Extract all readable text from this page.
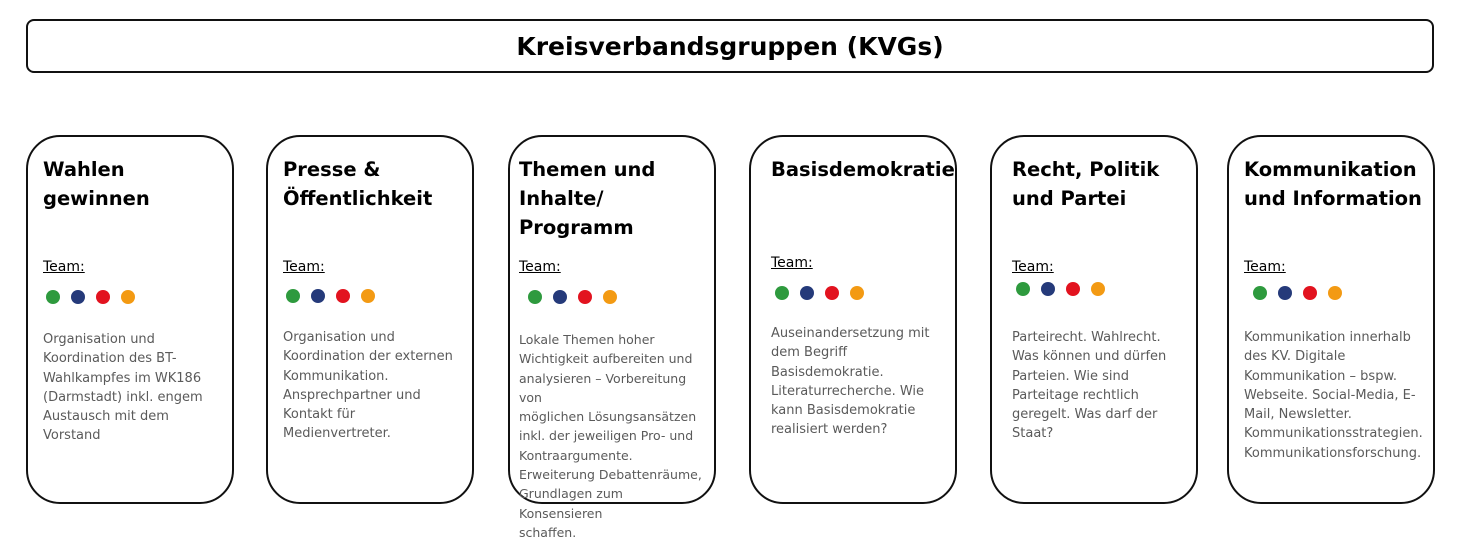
Kreisverbandsgruppen (KVGs)
Wahlen
gewinnen
Team:
Organisation und
Koordination des BT-
Wahlkampfes im WK186
(Darmstadt) inkl. engem
Austausch mit dem
Vorstand
Presse &
Öffentlichkeit
Team:
Organisation und
Koordination der externen
Kommunikation.
Ansprechpartner und
Kontakt für
Medienvertreter.
Themen und
Inhalte/ Programm
Team:
Lokale Themen hoher
Wichtigkeit aufbereiten und
analysieren – Vorbereitung von
möglichen Lösungsansätzen
inkl. der jeweiligen Pro- und
Kontraargumente.
Erweiterung Debattenräume,
Grundlagen zum Konsensieren
schaffen.
Basisdemokratie
Team:
Auseinandersetzung mit
dem Begriff
Basisdemokratie.
Literaturrecherche. Wie
kann Basisdemokratie
realisiert werden?
Recht, Politik
und Partei
Team:
Parteirecht. Wahlrecht.
Was können und dürfen
Parteien. Wie sind
Parteitage rechtlich
geregelt. Was darf der
Staat?
Kommunikation
und Information
Team:
Kommunikation innerhalb
des KV. Digitale
Kommunikation – bspw.
Webseite. Social-Media, E-
Mail, Newsletter.
Kommunikationsstrategien.
Kommunikationsforschung.
